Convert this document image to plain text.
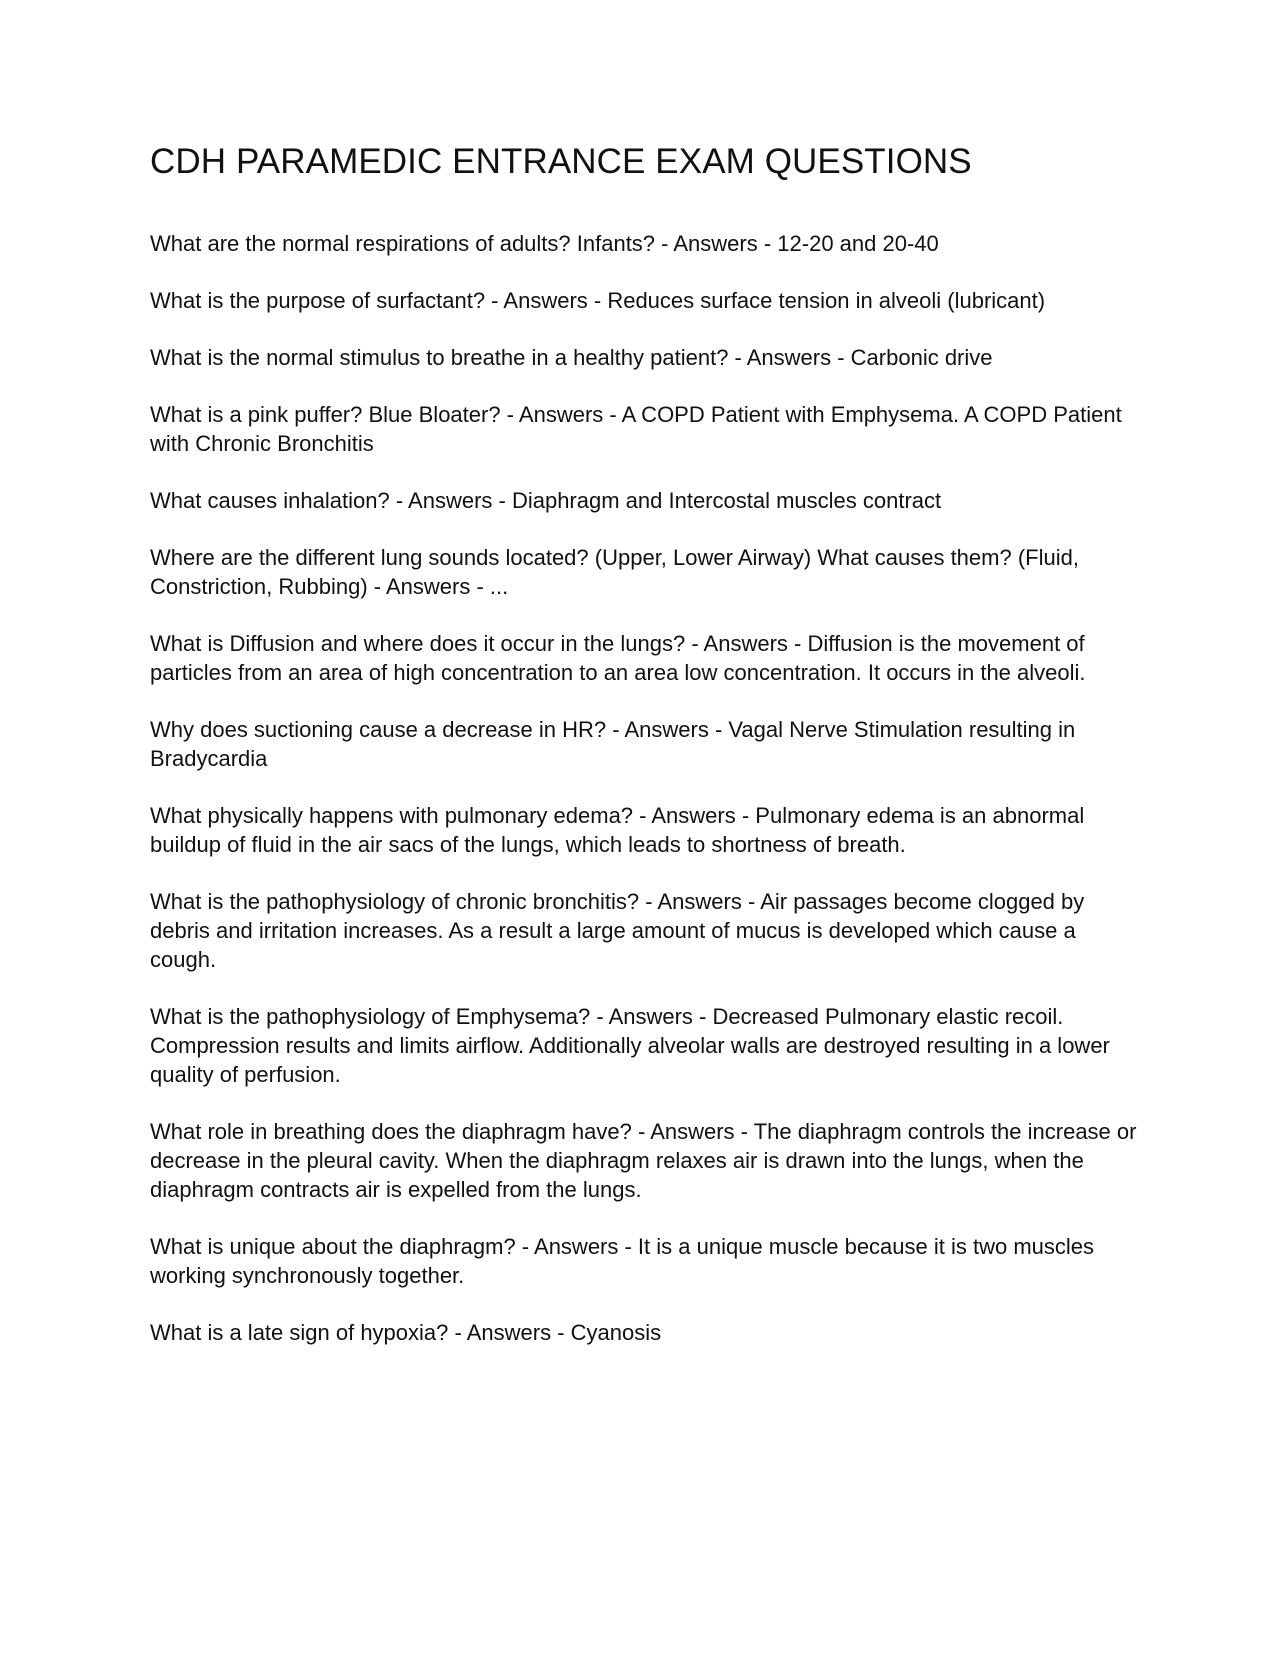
CDH PARAMEDIC ENTRANCE EXAM QUESTIONS

What are the normal respirations of adults? Infants? - Answers - 12-20 and 20-40

What is the purpose of surfactant? - Answers - Reduces surface tension in alveoli (lubricant)

What is the normal stimulus to breathe in a healthy patient? - Answers - Carbonic drive

What is a pink puffer? Blue Bloater? - Answers - A COPD Patient with Emphysema. A COPD Patient with Chronic Bronchitis

What causes inhalation? - Answers - Diaphragm and Intercostal muscles contract

Where are the different lung sounds located? (Upper, Lower Airway) What causes them? (Fluid, Constriction, Rubbing) - Answers - ...

What is Diffusion and where does it occur in the lungs? - Answers - Diffusion is the movement of particles from an area of high concentration to an area low concentration. It occurs in the alveoli.

Why does suctioning cause a decrease in HR? - Answers - Vagal Nerve Stimulation resulting in Bradycardia

What physically happens with pulmonary edema? - Answers - Pulmonary edema is an abnormal buildup of fluid in the air sacs of the lungs, which leads to shortness of breath.

What is the pathophysiology of chronic bronchitis? - Answers - Air passages become clogged by debris and irritation increases. As a result a large amount of mucus is developed which cause a cough.

What is the pathophysiology of Emphysema? - Answers - Decreased Pulmonary elastic recoil. Compression results and limits airflow. Additionally alveolar walls are destroyed resulting in a lower quality of perfusion.

What role in breathing does the diaphragm have? - Answers - The diaphragm controls the increase or decrease in the pleural cavity. When the diaphragm relaxes air is drawn into the lungs, when the diaphragm contracts air is expelled from the lungs.

What is unique about the diaphragm? - Answers - It is a unique muscle because it is two muscles working synchronously together.

What is a late sign of hypoxia? - Answers - Cyanosis
